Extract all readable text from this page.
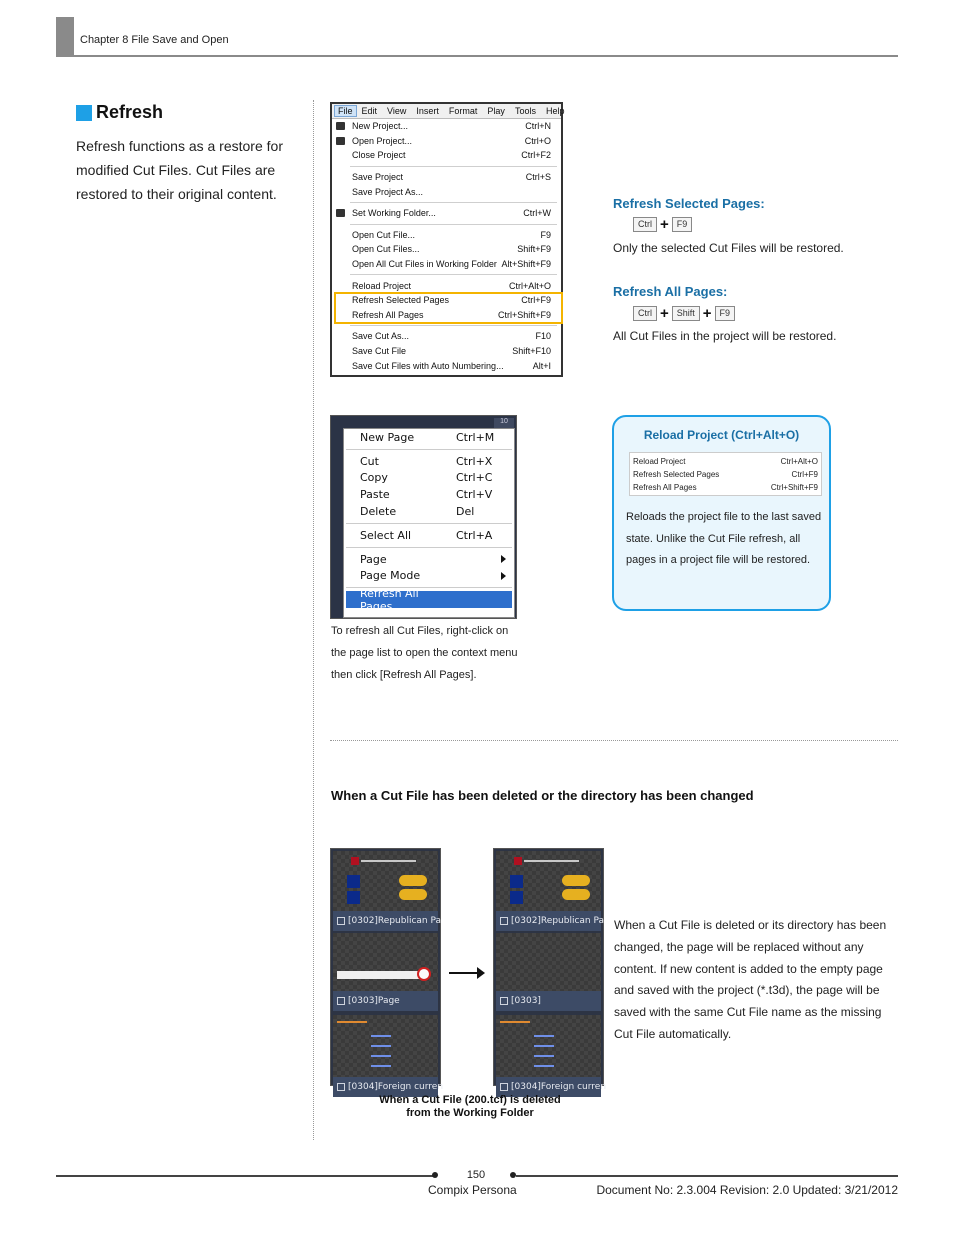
Chapter 8 File Save and Open
Refresh

Refresh functions as a restore for modified Cut Files. Cut Files are restored to their original content.

File	Edit	View	Insert	Format	Play	Tools	Help
New Project...	Ctrl+N
Open Project...	Ctrl+O
Close Project	Ctrl+F2
Save Project	Ctrl+S
Save Project As...
Set Working Folder...	Ctrl+W
Open Cut File...	F9
Open Cut Files...	Shift+F9
Open All Cut Files in Working Folder Alt+Shift+F9
Reload Project	Ctrl+Alt+O
Refresh Selected Pages	Ctrl+F9
Refresh All Pages	Ctrl+Shift+F9
Save Cut As...	F10
Save Cut File	Shift+F10
Save Cut Files with Auto Numbering...	Alt+I
Refresh Selected Pages:
Ctrl + F9
Only the selected Cut Files will be restored.
Refresh All Pages:
Ctrl + Shift + F9
All Cut Files in the project will be restored.
10
New Page	Ctrl+M
Cut	Ctrl+X
Copy	Ctrl+C
Paste	Ctrl+V
Delete	Del
Select All	Ctrl+A
Page
Page Mode
Refresh All Pages

To refresh all Cut Files, right-click on the page list to open the context menu then click [Refresh All Pages].

Reload Project (Ctrl+Alt+O)
Reload Project	Ctrl+Alt+O
Refresh Selected Pages	Ctrl+F9
Refresh All Pages	Ctrl+Shift+F9

Reloads the project file to the last saved state. Unlike the Cut File refresh, all pages in a project file will be restored.

When a Cut File has been deleted or the directory has been changed
[0302]Republican Pa
[0303]Page
[0304]Foreign curren
[0302]Republican Pa
[0303]
[0304]Foreign curren
When a Cut File (200.tcf) is deleted
from the Working Folder

When a Cut File is deleted or its directory has been changed, the page will be replaced without any content. If new content is added to the empty page and saved with the project (*.t3d), the page will be saved with the same Cut File name as the missing Cut File automatically.

150
Compix Persona	Document No: 2.3.004 Revision: 2.0 Updated: 3/21/2012
